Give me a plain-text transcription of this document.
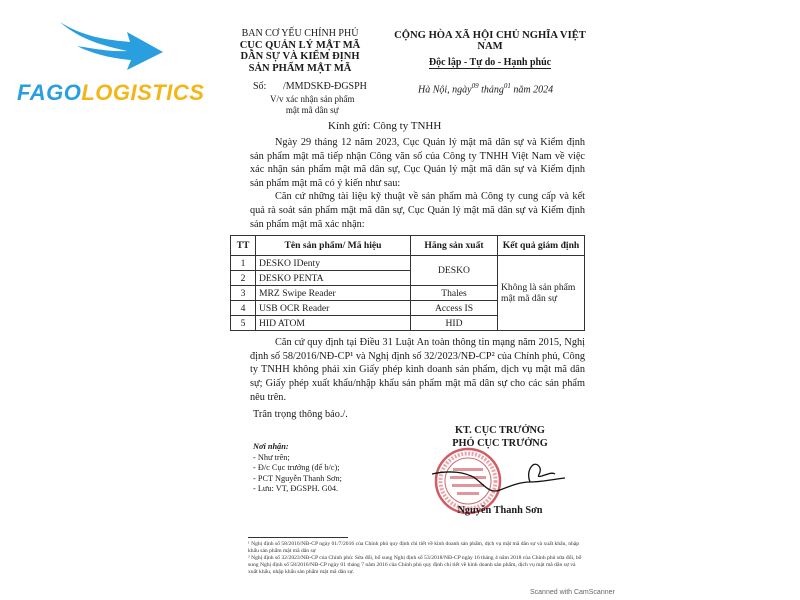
FAGOLOGISTICS
BAN CƠ YẾU CHÍNH PHỦ
CỤC QUẢN LÝ MẬT MÃ
DÂN SỰ VÀ KIỂM ĐỊNH
SẢN PHẨM MẬT MÃ
CỘNG HÒA XÃ HỘI CHỦ NGHĨA VIỆT NAM
Độc lập - Tự do - Hạnh phúc
Số: /MMDSKĐ-ĐGSPH
V/v xác nhận sản phẩm
mật mã dân sự
Hà Nội, ngày$^{09}$ tháng$^{01}$ năm 2024
Kính gửi: Công ty TNHH

Ngày 29 tháng 12 năm 2023, Cục Quản lý mật mã dân sự và Kiểm định sản phẩm mật mã tiếp nhận Công văn số của Công ty TNHH Việt Nam về việc xác nhận sản phẩm mật mã dân sự, Cục Quản lý mật mã dân sự và Kiểm định sản phẩm mật mã có ý kiến như sau:

Căn cứ những tài liệu kỹ thuật về sản phẩm mà Công ty cung cấp và kết quả rà soát sản phẩm mật mã dân sự, Cục Quản lý mật mã dân sự và Kiểm định sản phẩm mật mã xác nhận:

TT	Tên sản phẩm/ Mã hiệu	Hãng sản xuất	Kết quả giám định
1	DESKO IDenty	DESKO	Không là sản phẩm mật mã dân sự
2	DESKO PENTA		
3	MRZ Swipe Reader	Thales	
4	USB OCR Reader	Access IS	
5	HID ATOM	HID	

Căn cứ quy định tại Điều 31 Luật An toàn thông tin mạng năm 2015, Nghị định số 58/2016/NĐ-CP¹ và Nghị định số 32/2023/NĐ-CP² của Chính phủ, Công ty TNHH không phải xin Giấy phép kinh doanh sản phẩm, dịch vụ mật mã dân sự; Giấy phép xuất khẩu/nhập khẩu sản phẩm mật mã dân sự cho các sản phẩm nêu trên.

Trân trọng thông báo./.
Nơi nhận:
- Như trên;
- Đ/c Cục trưởng (để b/c);
- PCT Nguyễn Thanh Sơn;
- Lưu: VT, ĐGSPH. G04.
KT. CỤC TRƯỞNG
PHÓ CỤC TRƯỞNG
Nguyễn Thanh Sơn

¹ Nghị định số 58/2016/NĐ-CP ngày 01/7/2016 của Chính phủ quy định chi tiết về kinh doanh sản phẩm, dịch vụ mật mã dân sự và xuất khẩu, nhập khẩu sản phẩm mật mã dân sự

² Nghị định số 32/2023/NĐ-CP của Chính phủ: Sửa đổi, bổ sung Nghị định số 53/2018/NĐ-CP ngày 16 tháng 4 năm 2018 của Chính phủ sửa đổi, bổ sung Nghị định số 58/2016/NĐ-CP ngày 01 tháng 7 năm 2016 của Chính phủ quy định chi tiết về kinh doanh sản phẩm, dịch vụ mật mã dân sự và xuất khẩu, nhập khẩu sản phẩm mật mã dân sự.

Scanned with CamScanner
